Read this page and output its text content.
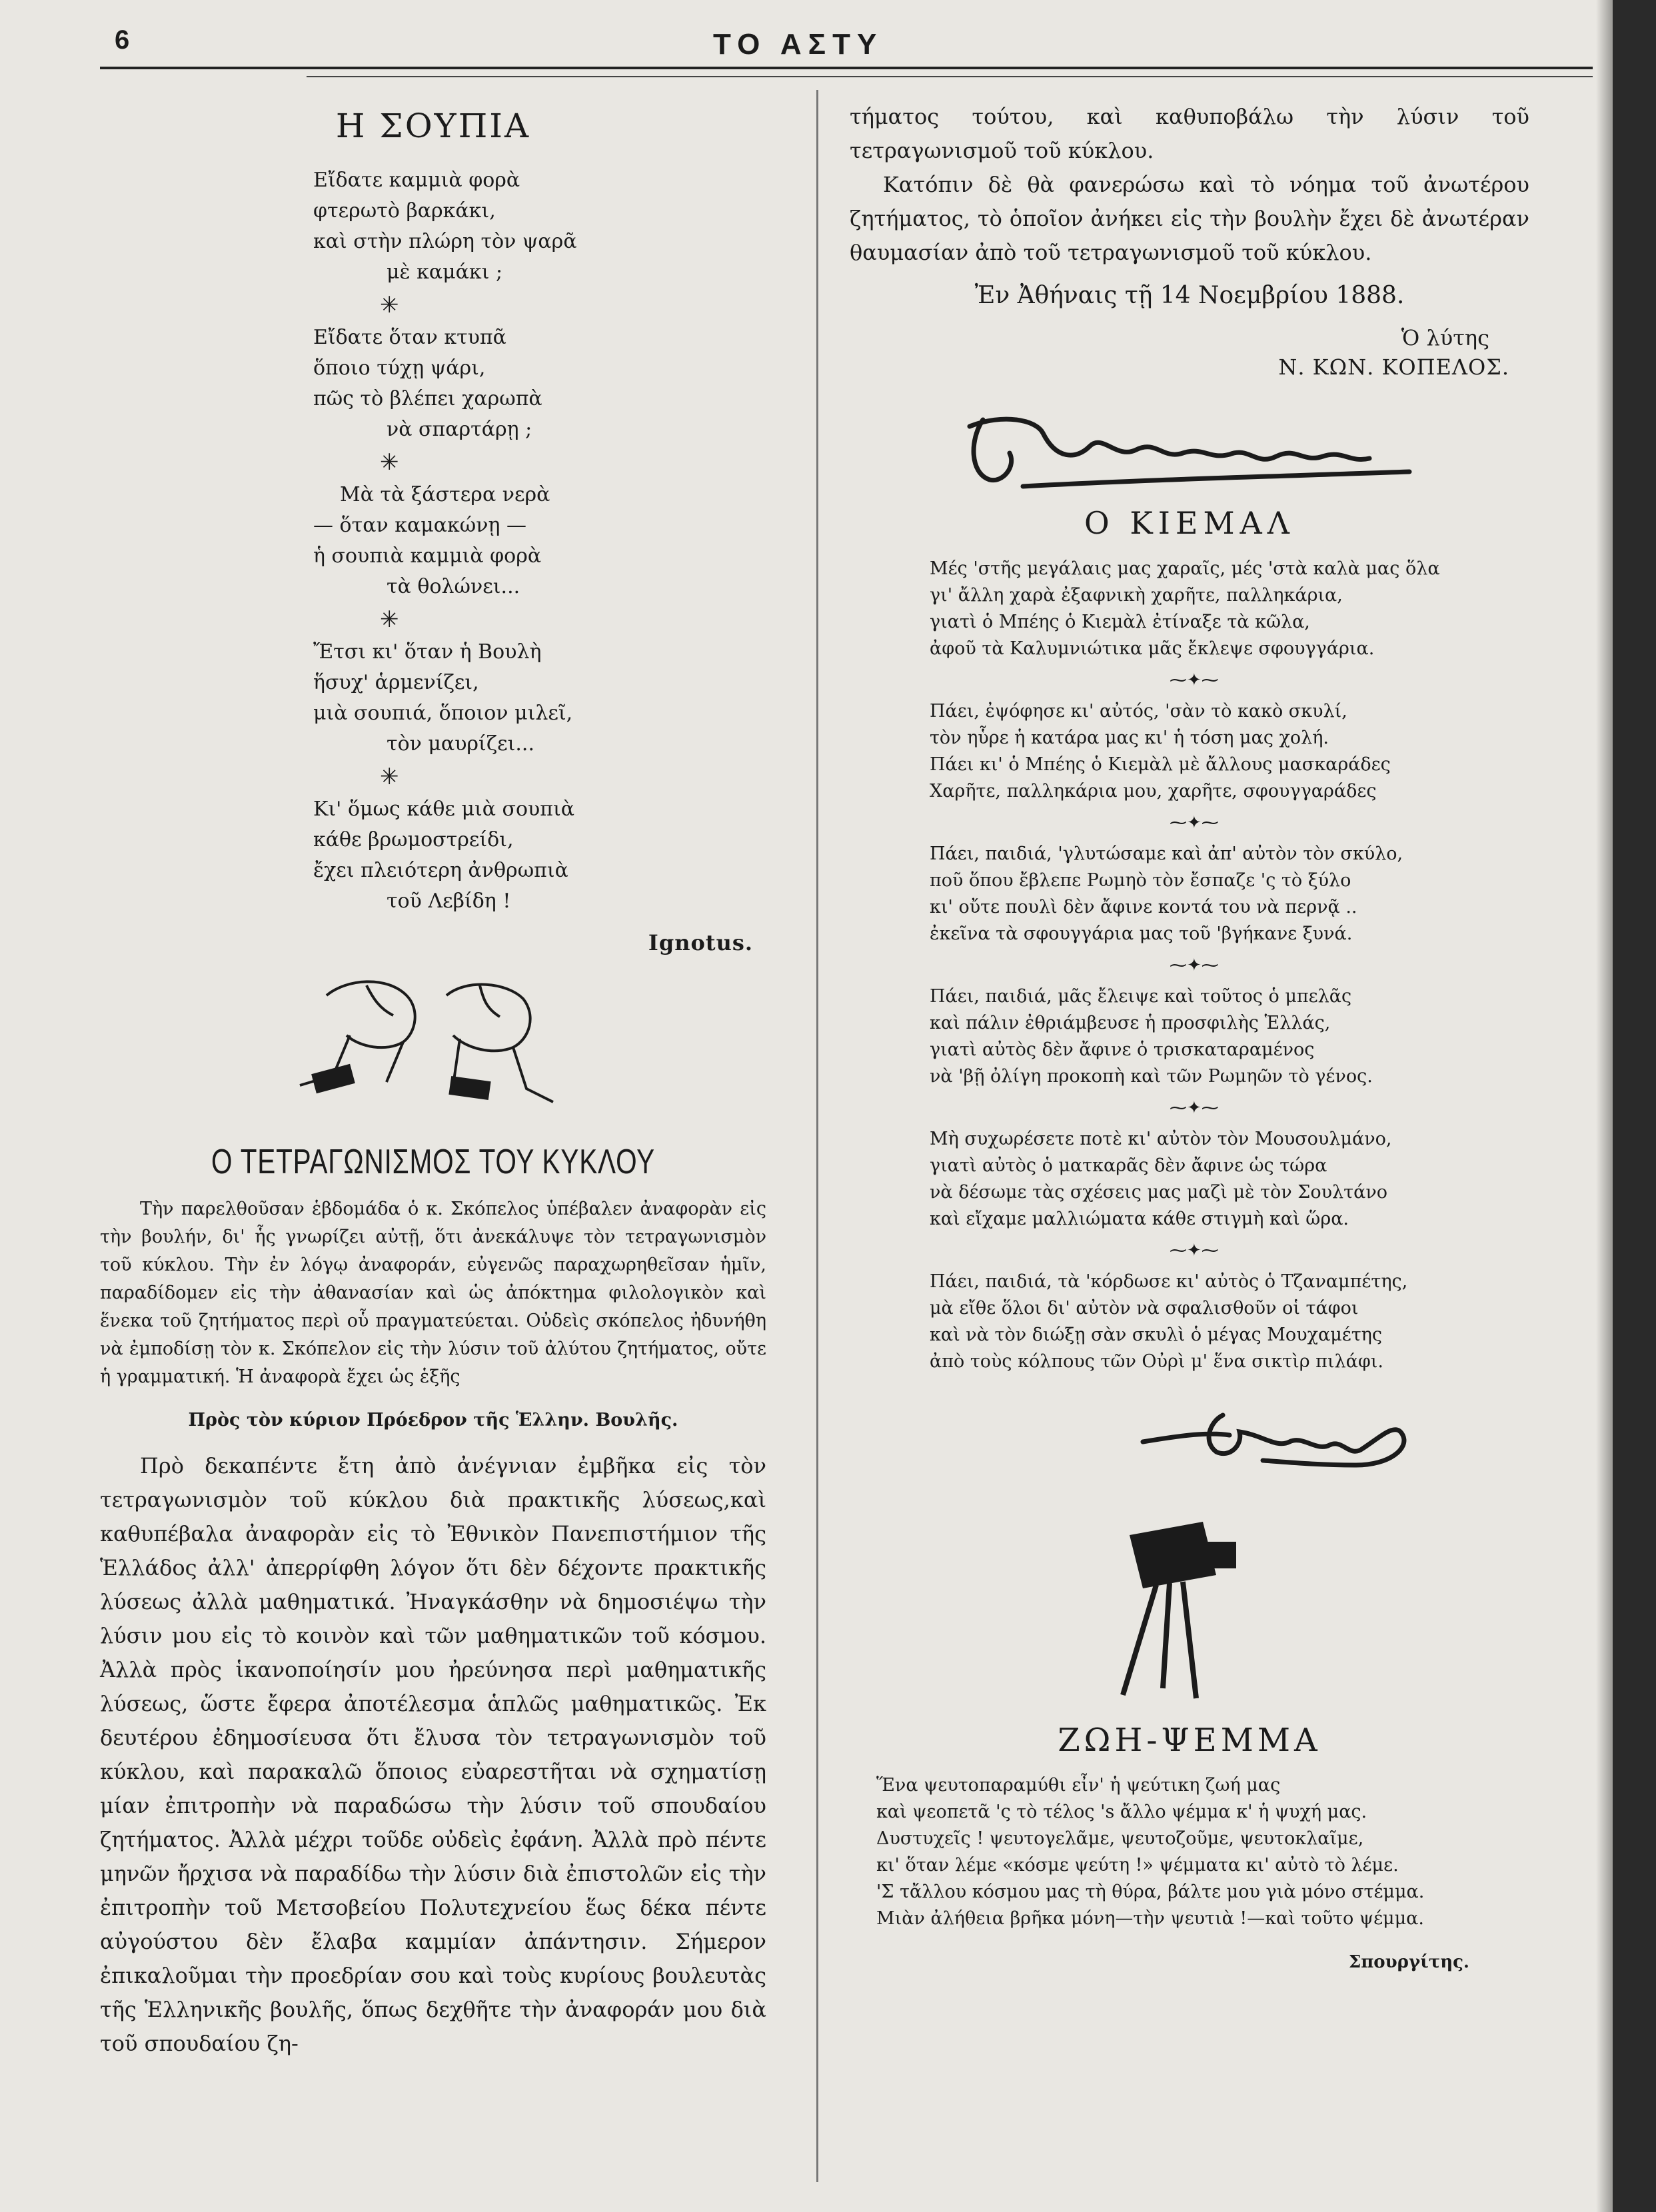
6	ΤΟ ΑΣΤΥ
Η ΣΟΥΠΙΑ
Εἴδατε καμμιὰ φορὰ
φτερωτὸ βαρκάκι,
καὶ στὴν πλώρη τὸν ψαρᾶ
μὲ καμάκι ;
✳
Εἴδατε ὅταν κτυπᾶ
ὅποιο τύχῃ ψάρι,
πῶς τὸ βλέπει χαρωπὰ
νὰ σπαρτάρῃ ;
✳
Μὰ τὰ ξάστερα νερὰ
— ὅταν καμακώνῃ —
ἡ σουπιὰ καμμιὰ φορὰ
τὰ θολώνει...
✳
Ἔτσι κι' ὅταν ἡ Βουλὴ
ἥσυχ' ἁρμενίζει,
μιὰ σουπιά, ὅποιον μιλεῖ,
τὸν μαυρίζει...
✳
Κι' ὅμως κάθε μιὰ σουπιὰ
κάθε βρωμοστρείδι,
ἔχει πλειότερη ἀνθρωπιὰ
τοῦ Λεβίδη !
Ignotus.
Ο ΤΕΤΡΑΓΩΝΙΣΜΟΣ ΤΟΥ ΚΥΚΛΟΥ

Τὴν παρελθοῦσαν ἑβδομάδα ὁ κ. Σκόπελος ὑπέβαλεν ἀναφορὰν εἰς τὴν βουλήν, δι' ἧς γνωρίζει αὐτῇ, ὅτι ἀνεκάλυψε τὸν τετραγωνισμὸν τοῦ κύκλου. Τὴν ἐν λόγῳ ἀναφοράν, εὐγενῶς παραχωρηθεῖσαν ἡμῖν, παραδίδομεν εἰς τὴν ἀθανασίαν καὶ ὡς ἀπόκτημα φιλολογικὸν καὶ ἕνεκα τοῦ ζητήματος περὶ οὗ πραγματεύεται. Οὐδεὶς σκόπελος ἠδυνήθη νὰ ἐμποδίσῃ τὸν κ. Σκόπελον εἰς τὴν λύσιν τοῦ ἀλύτου ζητήματος, οὔτε ἡ γραμματική. Ἡ ἀναφορὰ ἔχει ὡς ἑξῆς

Πρὸς τὸν κύριον Πρόεδρον τῆς Ἑλλην. Βουλῆς.

Πρὸ δεκαπέντε ἔτη ἀπὸ ἀνέγνιαν ἐμβῆκα εἰς τὸν τετραγωνισμὸν τοῦ κύκλου διὰ πρακτικῆς λύσεως,καὶ καθυπέβαλα ἀναφορὰν εἰς τὸ Ἐθνικὸν Πανεπιστήμιον τῆς Ἑλλάδος ἀλλ' ἀπερρίφθη λόγον ὅτι δὲν δέχοντε πρακτικῆς λύσεως ἀλλὰ μαθηματικά. Ἠναγκάσθην νὰ δημοσιέψω τὴν λύσιν μου εἰς τὸ κοινὸν καὶ τῶν μαθηματικῶν τοῦ κόσμου. Ἀλλὰ πρὸς ἱκανοποίησίν μου ἠρεύνησα περὶ μαθηματικῆς λύσεως, ὥστε ἔφερα ἀποτέλεσμα ἁπλῶς μαθηματικῶς. Ἐκ δευτέρου ἐδημοσίευσα ὅτι ἔλυσα τὸν τετραγωνισμὸν τοῦ κύκλου, καὶ παρακαλῶ ὅποιος εὐαρεστῆται νὰ σχηματίσῃ μίαν ἐπιτροπὴν νὰ παραδώσω τὴν λύσιν τοῦ σπουδαίου ζητήματος. Ἀλλὰ μέχρι τοῦδε οὐδεὶς ἐφάνη. Ἀλλὰ πρὸ πέντε μηνῶν ἤρχισα νὰ παραδίδω τὴν λύσιν διὰ ἐπιστολῶν εἰς τὴν ἐπιτροπὴν τοῦ Μετσοβείου Πολυτεχνείου ἕως δέκα πέντε αὐγούστου δὲν ἔλαβα καμμίαν ἀπάντησιν. Σήμερον ἐπικαλοῦμαι τὴν προεδρίαν σου καὶ τοὺς κυρίους βουλευτὰς τῆς Ἑλληνικῆς βουλῆς, ὅπως δεχθῆτε τὴν ἀναφοράν μου διὰ τοῦ σπουδαίου ζη-

τήματος τούτου, καὶ καθυποβάλω τὴν λύσιν τοῦ τετραγωνισμοῦ τοῦ κύκλου.

Κατόπιν δὲ θὰ φανερώσω καὶ τὸ νόημα τοῦ ἀνωτέρου ζητήματος, τὸ ὁποῖον ἀνήκει εἰς τὴν βουλὴν ἔχει δὲ ἀνωτέραν θαυμασίαν ἀπὸ τοῦ τετραγωνισμοῦ τοῦ κύκλου.

Ἐν Ἀθήναις τῇ 14 Νοεμβρίου 1888.
Ὁ λύτης
Ν. ΚΩΝ. ΚΟΠΕΛΟΣ.
Ο ΚΙΕΜΑΛ
Μές 'στῆς μεγάλαις μας χαραῖς, μές 'στὰ καλὰ μας ὅλα
γι' ἄλλη χαρὰ ἐξαφνικὴ χαρῆτε, παλληκάρια,
γιατὶ ὁ Μπέης ὁ Κιεμὰλ ἐτίναξε τὰ κῶλα,
ἀφοῦ τὰ Καλυμνιώτικα μᾶς ἔκλεψε σφουγγάρια.
⁓✦⁓
Πάει, ἐψόφησε κι' αὐτός, 'σὰν τὸ κακὸ σκυλί,
τὸν ηὗρε ἡ κατάρα μας κι' ἡ τόση μας χολή.
Πάει κι' ὁ Μπέης ὁ Κιεμὰλ μὲ ἄλλους μασκαράδες
Χαρῆτε, παλληκάρια μου, χαρῆτε, σφουγγαράδες
⁓✦⁓
Πάει, παιδιά, 'γλυτώσαμε καὶ ἀπ' αὐτὸν τὸν σκύλο,
ποῦ ὅπου ἔβλεπε Ρωμηὸ τὸν ἔσπαζε 'ς τὸ ξύλο
κι' οὔτε πουλὶ δὲν ἄφινε κοντά του νὰ περνᾷ ..
ἐκεῖνα τὰ σφουγγάρια μας τοῦ 'βγήκανε ξυνά.
⁓✦⁓
Πάει, παιδιά, μᾶς ἔλειψε καὶ τοῦτος ὁ μπελᾶς
καὶ πάλιν ἐθριάμβευσε ἡ προσφιλὴς Ἑλλάς,
γιατὶ αὐτὸς δὲν ἄφινε ὁ τρισκαταραμένος
νὰ 'βῇ ὀλίγη προκοπὴ καὶ τῶν Ρωμηῶν τὸ γένος.
⁓✦⁓
Μὴ συχωρέσετε ποτὲ κι' αὐτὸν τὸν Μουσουλμάνο,
γιατὶ αὐτὸς ὁ ματκαρᾶς δὲν ἄφινε ὡς τώρα
νὰ δέσωμε τὰς σχέσεις μας μαζὶ μὲ τὸν Σουλτάνο
καὶ εἴχαμε μαλλιώματα κάθε στιγμὴ καὶ ὥρα.
⁓✦⁓
Πάει, παιδιά, τὰ 'κόρδωσε κι' αὐτὸς ὁ Τζαναμπέτης,
μὰ εἴθε ὅλοι δι' αὐτὸν νὰ σφαλισθοῦν οἱ τάφοι
καὶ νὰ τὸν διώξῃ σὰν σκυλὶ ὁ μέγας Μουχαμέτης
ἀπὸ τοὺς κόλπους τῶν Οὐρὶ μ' ἕνα σικτὶρ πιλάφι.
ΖΩΗ-ΨΕΜΜΑ
Ἕνα ψευτοπαραμύθι εἶν' ἡ ψεύτικη ζωή μας
καὶ ψεοπετᾶ 'ς τὸ τέλος 's ἄλλο ψέμμα κ' ἡ ψυχή μας.
Δυστυχεῖς ! ψευτογελᾶμε, ψευτοζοῦμε, ψευτοκλαῖμε,
κι' ὅταν λέμε «κόσμε ψεύτη !» ψέμματα κι' αὐτὸ τὸ λέμε.
'Σ τἄλλου κόσμου μας τὴ θύρα, βάλτε μου γιὰ μόνο στέμμα.
Μιὰν ἀλήθεια βρῆκα μόνη—τὴν ψευτιὰ !—καὶ τοῦτο ψέμμα.
Σπουργίτης.
